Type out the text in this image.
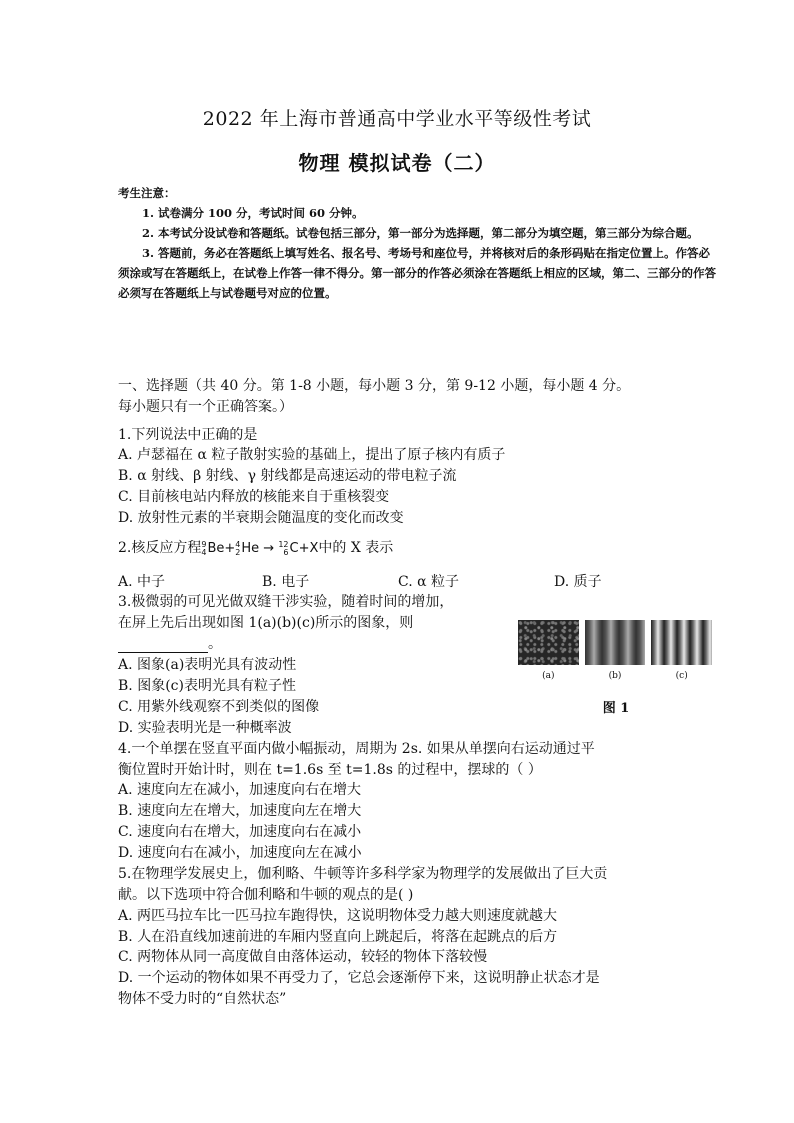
2022 年上海市普通高中学业水平等级性考试
物理 模拟试卷（二）

考生注意：

1. 试卷满分 100 分，考试时间 60 分钟。

2. 本考试分设试卷和答题纸。试卷包括三部分，第一部分为选择题，第二部分为填空题，第三部分为综合题。

3. 答题前，务必在答题纸上填写姓名、报名号、考场号和座位号，并将核对后的条形码贴在指定位置上。作答必须涂或写在答题纸上，在试卷上作答一律不得分。第一部分的作答必须涂在答题纸上相应的区域，第二、三部分的作答必须写在答题纸上与试卷题号对应的位置。

一、选择题（共 40 分。第 1-8 小题，每小题 3 分，第 9-12 小题，每小题 4 分。
每小题只有一个正确答案。）
1.下列说法中正确的是
A. 卢瑟福在 α 粒子散射实验的基础上，提出了原子核内有质子
B. α 射线、β 射线、γ 射线都是高速运动的带电粒子流
C. 目前核电站内释放的核能来自于重核裂变
D. 放射性元素的半衰期会随温度的变化而改变
2.核反应方程9
4Be+4
2He → 12
6C+X中的 X 表示
A. 中子	B. 电子	C. α 粒子	D. 质子
3.极微弱的可见光做双缝干涉实验，随着时间的增加，
在屏上先后出现如图 1(a)(b)(c)所示的图象，则
。
A. 图象(a)表明光具有波动性
B. 图象(c)表明光具有粒子性
C. 用紫外线观察不到类似的图像
D. 实验表明光是一种概率波
(a)	(b)	(c)
图 1
4.一个单摆在竖直平面内做小幅振动，周期为 2s. 如果从单摆向右运动通过平
衡位置时开始计时，则在 t=1.6s 至 t=1.8s 的过程中，摆球的（ ）
A. 速度向左在减小，加速度向右在增大
B. 速度向左在增大，加速度向左在增大
C. 速度向右在增大，加速度向右在减小
D. 速度向右在减小，加速度向左在减小
5.在物理学发展史上，伽利略、牛顿等许多科学家为物理学的发展做出了巨大贡
献。以下选项中符合伽利略和牛顿的观点的是( )
A. 两匹马拉车比一匹马拉车跑得快，这说明物体受力越大则速度就越大
B. 人在沿直线加速前进的车厢内竖直向上跳起后，将落在起跳点的后方
C. 两物体从同一高度做自由落体运动，较轻的物体下落较慢
D. 一个运动的物体如果不再受力了，它总会逐渐停下来，这说明静止状态才是
物体不受力时的“自然状态”
